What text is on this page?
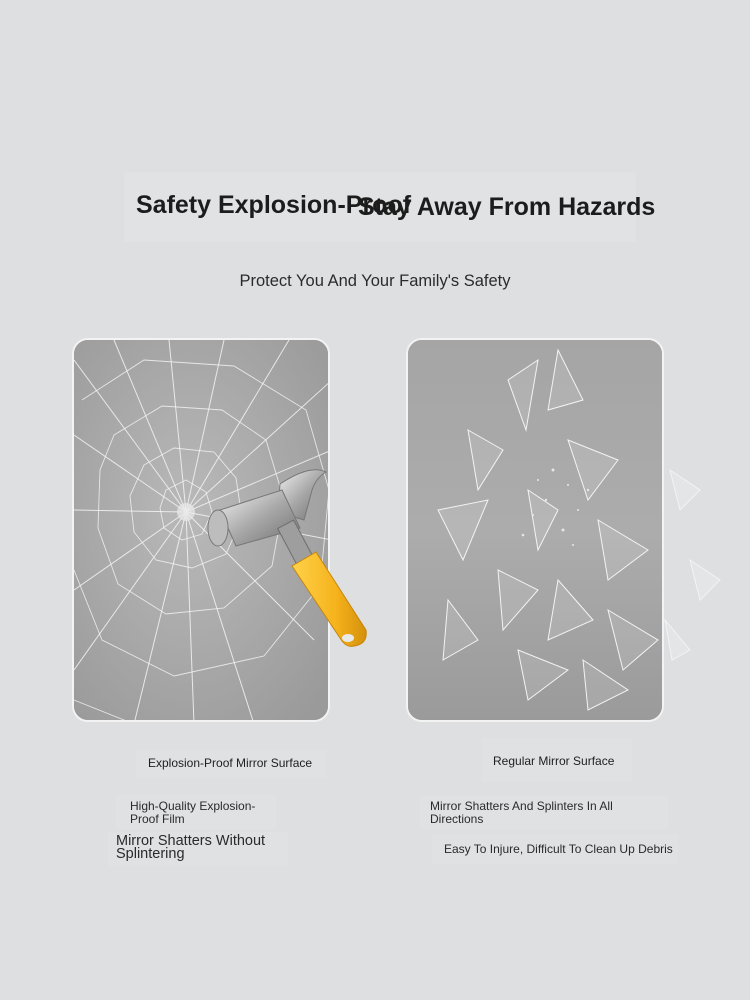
Safety Explosion-Proof
Stay Away From Hazards

Protect You And Your Family's Safety

Explosion-Proof Mirror Surface

High-Quality Explosion-Proof Film

Mirror Shatters Without Splintering

Regular Mirror Surface

Mirror Shatters And Splinters In All Directions

Easy To Injure, Difficult To Clean Up Debris
